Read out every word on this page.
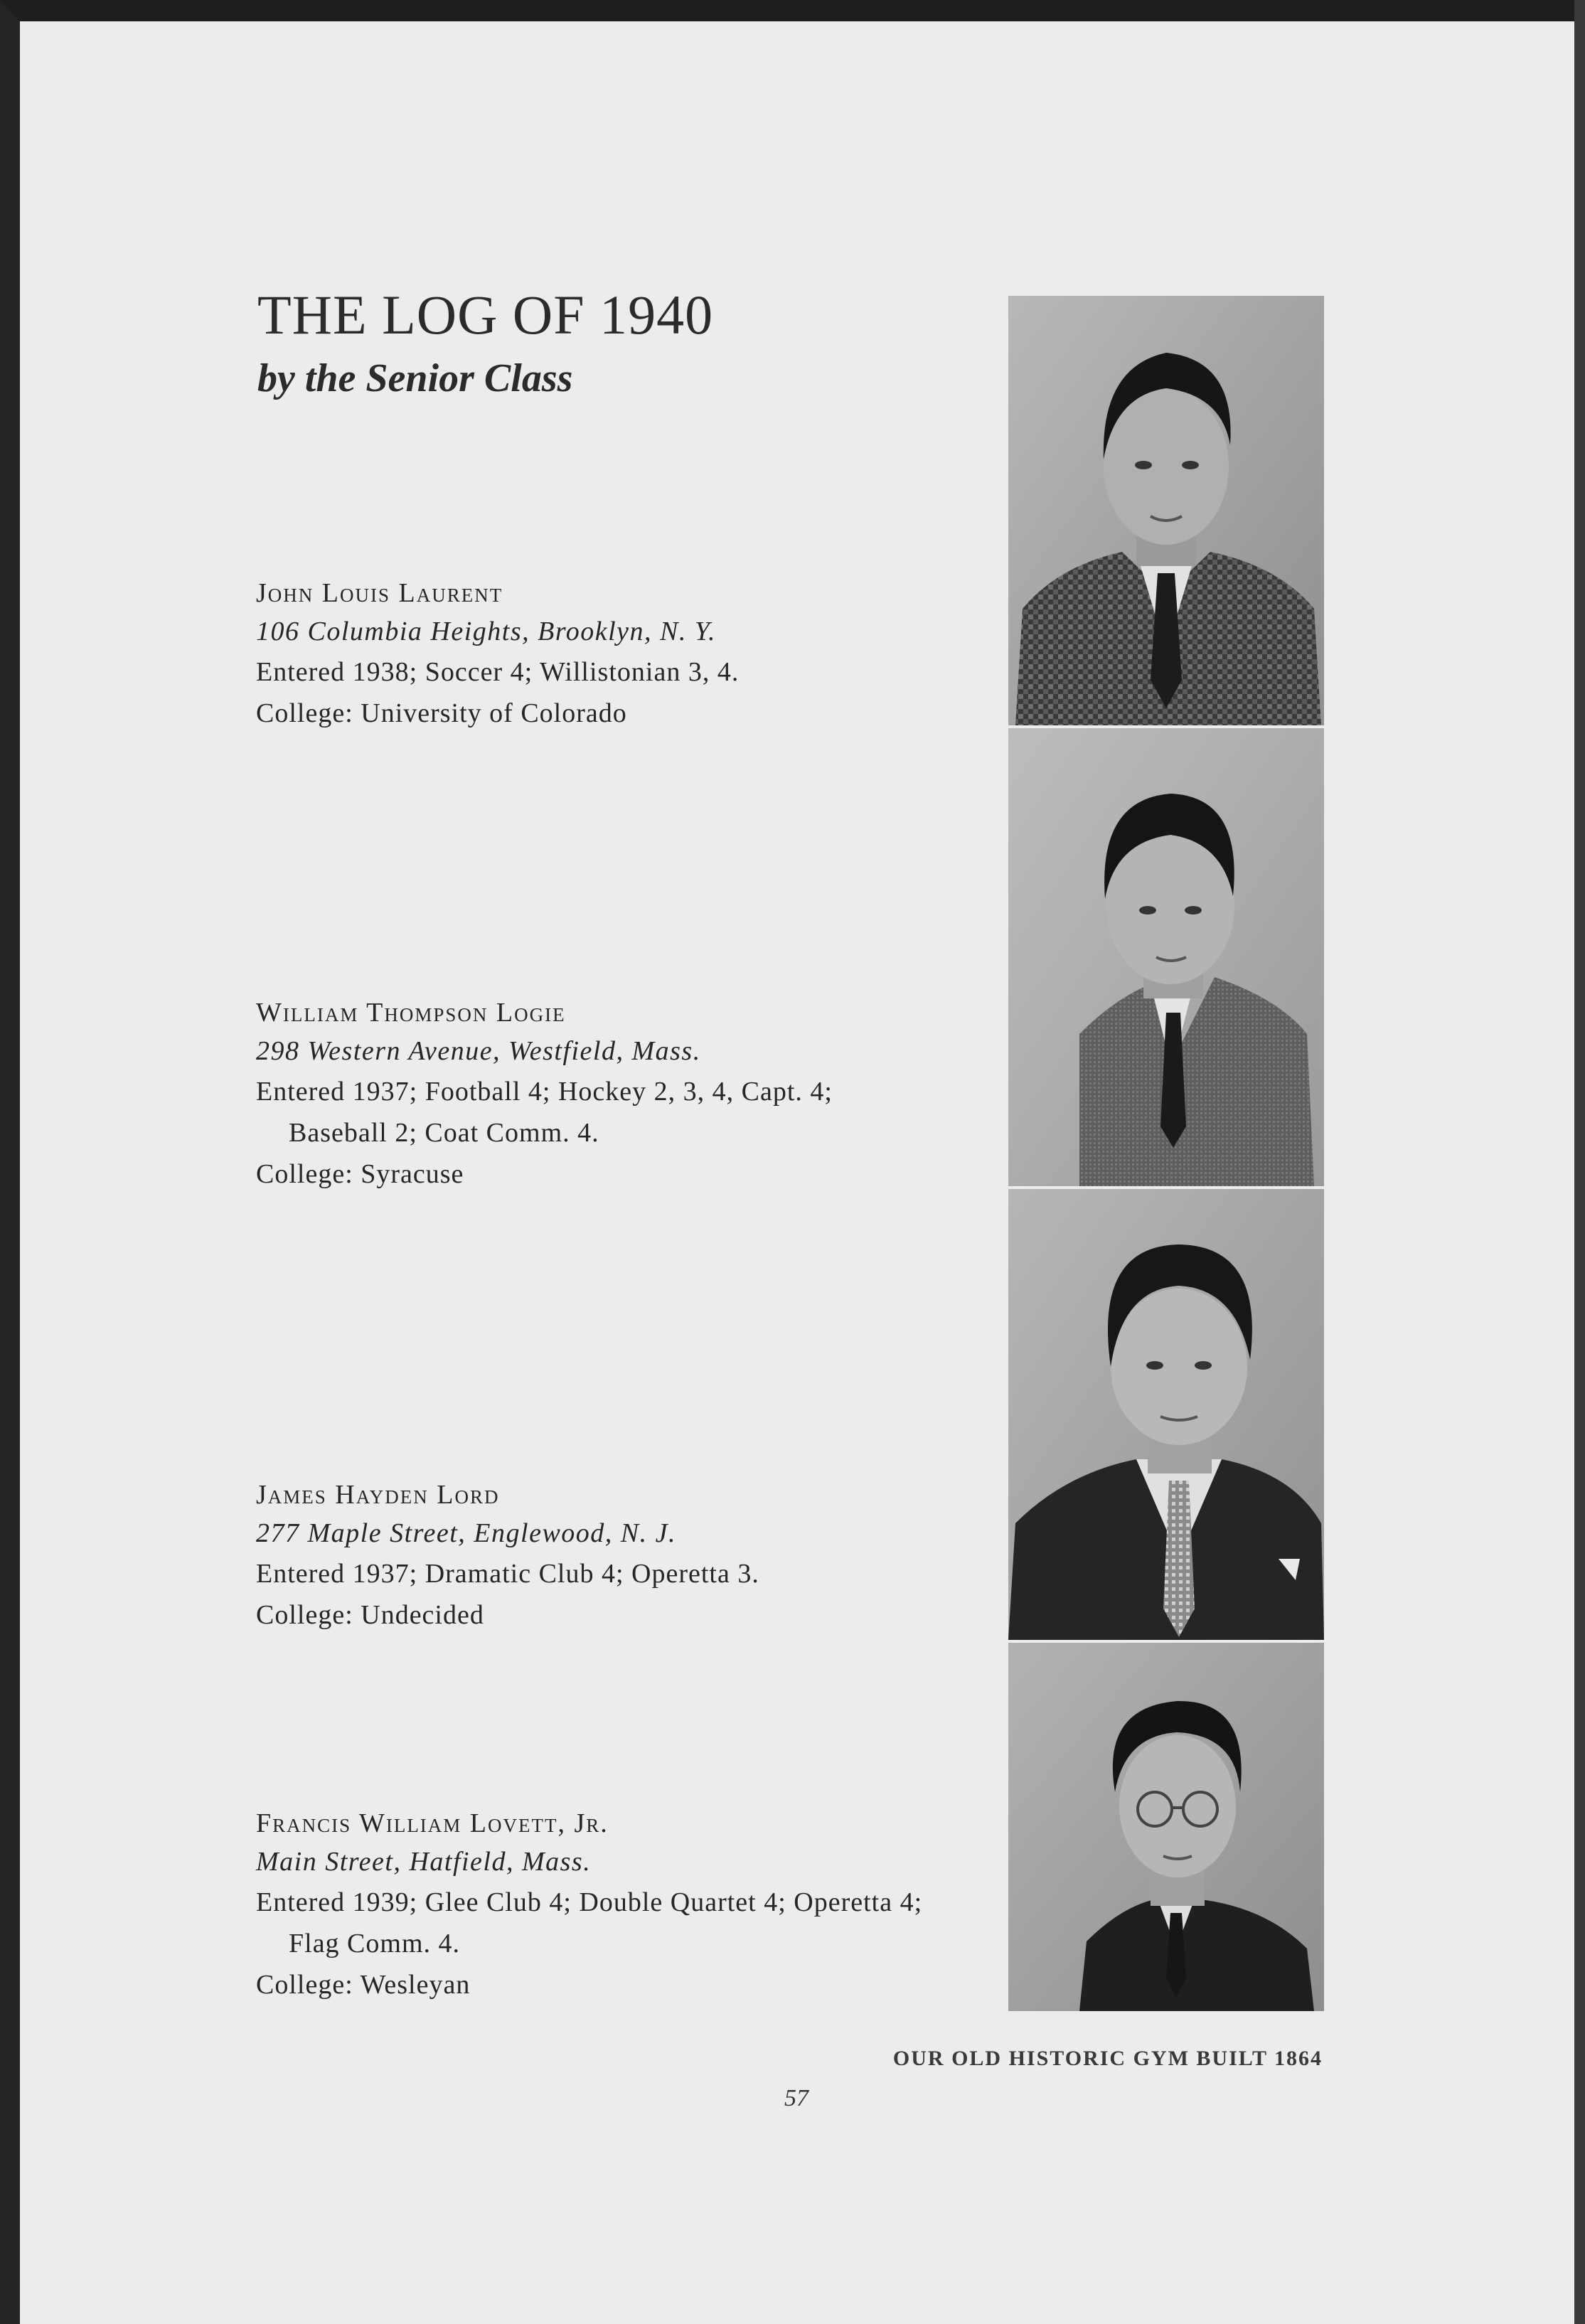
THE LOG OF 1940
by the Senior Class
John Louis Laurent
106 Columbia Heights, Brooklyn, N. Y.
Entered 1938; Soccer 4; Willistonian 3, 4.
College: University of Colorado
William Thompson Logie
298 Western Avenue, Westfield, Mass.
Entered 1937; Football 4; Hockey 2, 3, 4, Capt. 4; Baseball 2; Coat Comm. 4.
College: Syracuse
James Hayden Lord
277 Maple Street, Englewood, N. J.
Entered 1937; Dramatic Club 4; Operetta 3.
College: Undecided
Francis William Lovett, Jr.
Main Street, Hatfield, Mass.
Entered 1939; Glee Club 4; Double Quartet 4; Operetta 4; Flag Comm. 4.
College: Wesleyan
OUR OLD HISTORIC GYM BUILT 1864
57
